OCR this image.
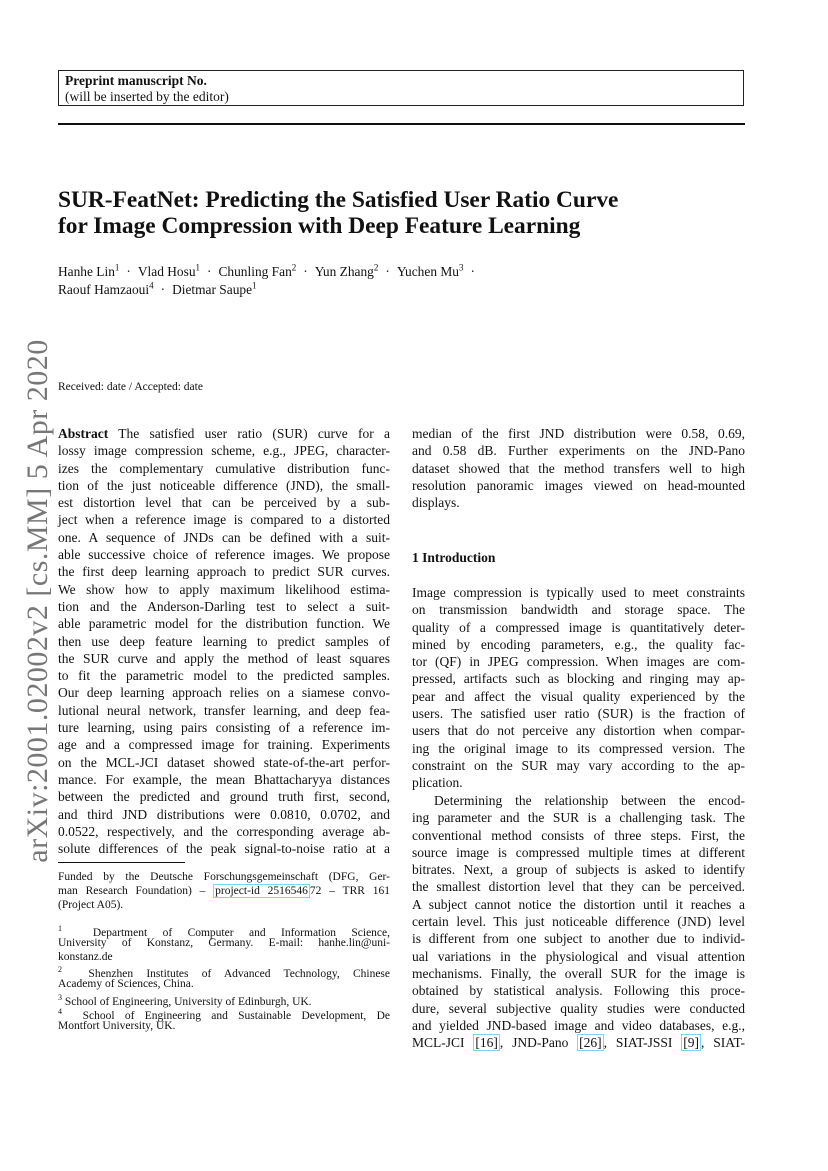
Preprint manuscript No.
(will be inserted by the editor)
SUR-FeatNet: Predicting the Satisfied User Ratio Curve
for Image Compression with Deep Feature Learning
Hanhe Lin$^1$ · Vlad Hosu$^1$ · Chunling Fan$^2$ · Yun Zhang$^2$ · Yuchen $Mu^3$ ·
Raouf Hamzaoui$^4$ · Dietmar Saupe$^1$
arXiv:2001.02002v2 [cs.MM] 5 Apr 2020 Received: date / Accepted: date
Abstract The satisfied user ratio (SUR) curve for a
lossy image compression scheme, e.g., JPEG, character-
izes the complementary cumulative distribution func-
tion of the just noticeable difference (JND), the small-
est distortion level that can be perceived by a sub-
ject when a reference image is compared to a distorted
one. A sequence of JNDs can be defined with a suit-
able successive choice of reference images. We propose
the first deep learning approach to predict SUR curves.
We show how to apply maximum likelihood estima-
tion and the Anderson-Darling test to select a suit-
able parametric model for the distribution function. We
then use deep feature learning to predict samples of
the SUR curve and apply the method of least squares
to fit the parametric model to the predicted samples.
Our deep learning approach relies on a siamese convo-
lutional neural network, transfer learning, and deep fea-
ture learning, using pairs consisting of a reference im-
age and a compressed image for training. Experiments
on the MCL-JCI dataset showed state-of-the-art perfor-
mance. For example, the mean Bhattacharyya distances
between the predicted and ground truth first, second,
and third JND distributions were 0.0810, 0.0702, and
0.0522, respectively, and the corresponding average ab-
solute differences of the peak signal-to-noise ratio at a
Funded by the Deutsche Forschungsgemeinschaft (DFG, Ger-
man Research Foundation) – project-id 2516546 72 – TRR 161
(Project A05).
$^1$	Department of Computer and Information Science,
University of Konstanz, Germany. E-mail: hanhe.lin@uni-
konstanz.de
$^2$ Shenzhen Institutes of Advanced Technology, Chinese
Academy of Sciences, China.
$^3$ School of Engineering, University of Edinburgh, UK.
$^4$ School of Engineering and Sustainable Development, De
Montfort University, UK.
median of the first JND distribution were 0.58, 0.69,
and 0.58 dB. Further experiments on the JND-Pano
dataset showed that the method transfers well to high
resolution panoramic images viewed on head-mounted
displays.
1 Introduction
Image compression is typically used to meet constraints
on transmission bandwidth and storage space. The
quality of a compressed image is quantitatively deter-
mined by encoding parameters, e.g., the quality fac-
tor (QF) in JPEG compression. When images are com-
pressed, artifacts such as blocking and ringing may ap-
pear and affect the visual quality experienced by the
users. The satisfied user ratio (SUR) is the fraction of
users that do not perceive any distortion when compar-
ing the original image to its compressed version. The
constraint on the SUR may vary according to the ap-
plication.
Determining the relationship between the encod-
ing parameter and the SUR is a challenging task. The
conventional method consists of three steps. First, the
source image is compressed multiple times at different
bitrates. Next, a group of subjects is asked to identify
the smallest distortion level that they can be perceived.
A subject cannot notice the distortion until it reaches a
certain level. This just noticeable difference (JND) level
is different from one subject to another due to individ-
ual variations in the physiological and visual attention
mechanisms. Finally, the overall SUR for the image is
obtained by statistical analysis. Following this proce-
dure, several subjective quality studies were conducted
and yielded JND-based image and video databases, e.g.,
MCL-JCI [16] , JND-Pano [26] , SIAT-JSSI [9] , SIAT-
